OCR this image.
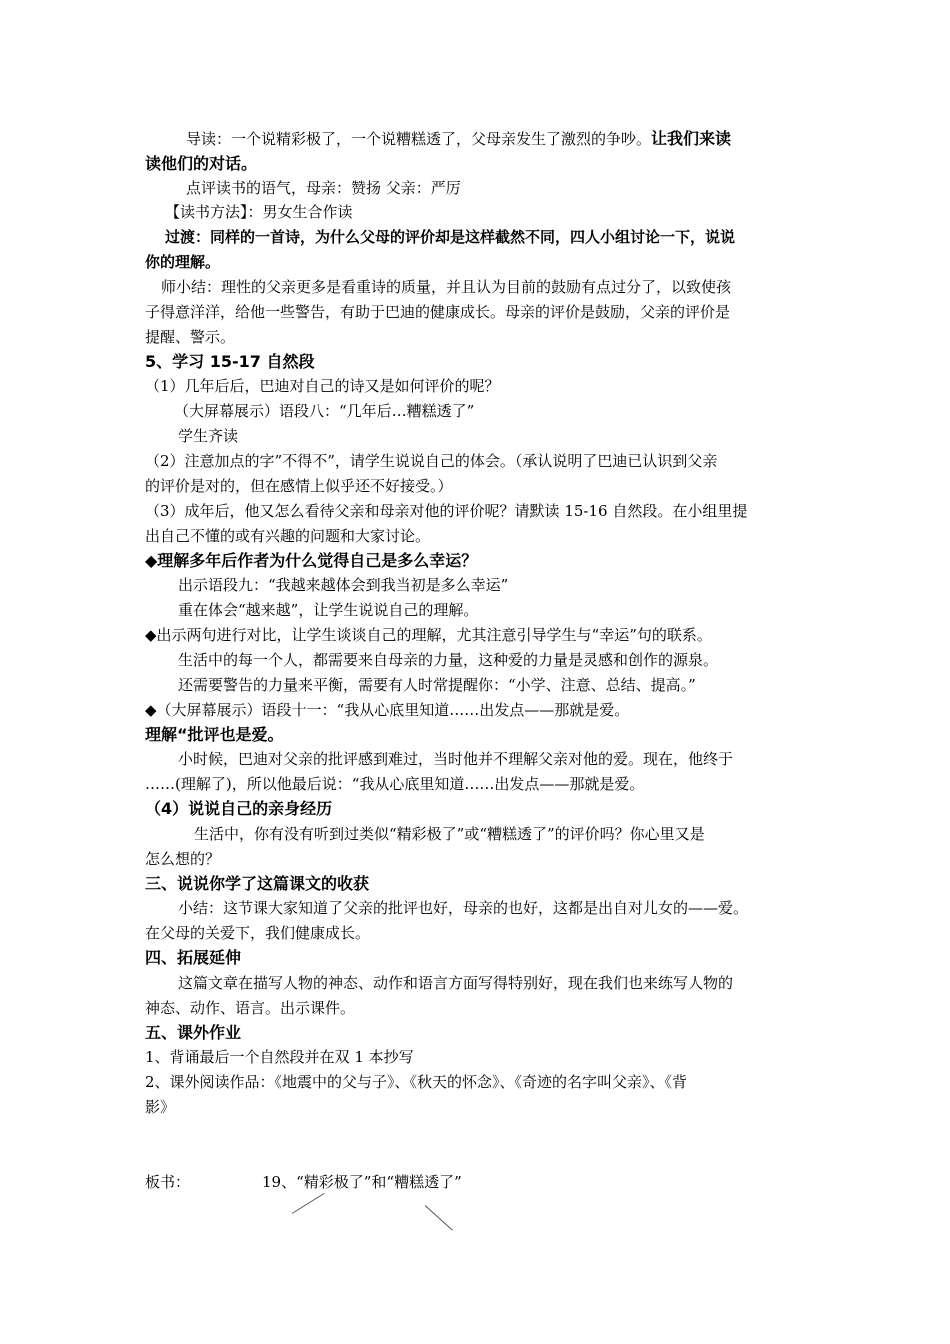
导读：一个说精彩极了，一个说糟糕透了，父母亲发生了激烈的争吵。让我们来读
读他们的对话。
点评读书的语气，母亲：赞扬 父亲：严厉
【读书方法】：男女生合作读
过渡：同样的一首诗，为什么父母的评价却是这样截然不同，四人小组讨论一下，说说
你的理解。
师小结：理性的父亲更多是看重诗的质量，并且认为目前的鼓励有点过分了，以致使孩
子得意洋洋，给他一些警告，有助于巴迪的健康成长。母亲的评价是鼓励，父亲的评价是
提醒、警示。
5、学习 15-17 自然段
（1）几年后后，巴迪对自己的诗又是如何评价的呢？
（大屏幕展示）语段八：“几年后…糟糕透了”
学生齐读
（2）注意加点的字”不得不”，请学生说说自己的体会。（承认说明了巴迪已认识到父亲
的评价是对的，但在感情上似乎还不好接受。）
（3）成年后，他又怎么看待父亲和母亲对他的评价呢？请默读 15-16 自然段。在小组里提
出自己不懂的或有兴趣的问题和大家讨论。
◆理解多年后作者为什么觉得自己是多么幸运？
出示语段九：“我越来越体会到我当初是多么幸运”
重在体会“越来越”，让学生说说自己的理解。
◆出示两句进行对比，让学生谈谈自己的理解，尤其注意引导学生与“幸运”句的联系。
生活中的每一个人，都需要来自母亲的力量，这种爱的力量是灵感和创作的源泉。
还需要警告的力量来平衡，需要有人时常提醒你：“小学、注意、总结、提高。”
◆（大屏幕展示）语段十一：“我从心底里知道……出发点——那就是爱。
理解“批评也是爱。
小时候，巴迪对父亲的批评感到难过，当时他并不理解父亲对他的爱。现在，他终于
……(理解了)，所以他最后说：“我从心底里知道……出发点——那就是爱。
（4）说说自己的亲身经历
生活中，你有没有听到过类似“精彩极了”或“糟糕透了”的评价吗？你心里又是
怎么想的？
三、说说你学了这篇课文的收获
小结：这节课大家知道了父亲的批评也好，母亲的也好，这都是出自对儿女的——爱。
在父母的关爱下，我们健康成长。
四、拓展延伸
这篇文章在描写人物的神态、动作和语言方面写得特别好，现在我们也来练写人物的
神态、动作、语言。出示课件。
五、课外作业
1、背诵最后一个自然段并在双 1 本抄写
2、课外阅读作品：《地震中的父与子》、《秋天的怀念》、《奇迹的名字叫父亲》、《背
影》
板书：	19、“精彩极了”和“糟糕透了”
